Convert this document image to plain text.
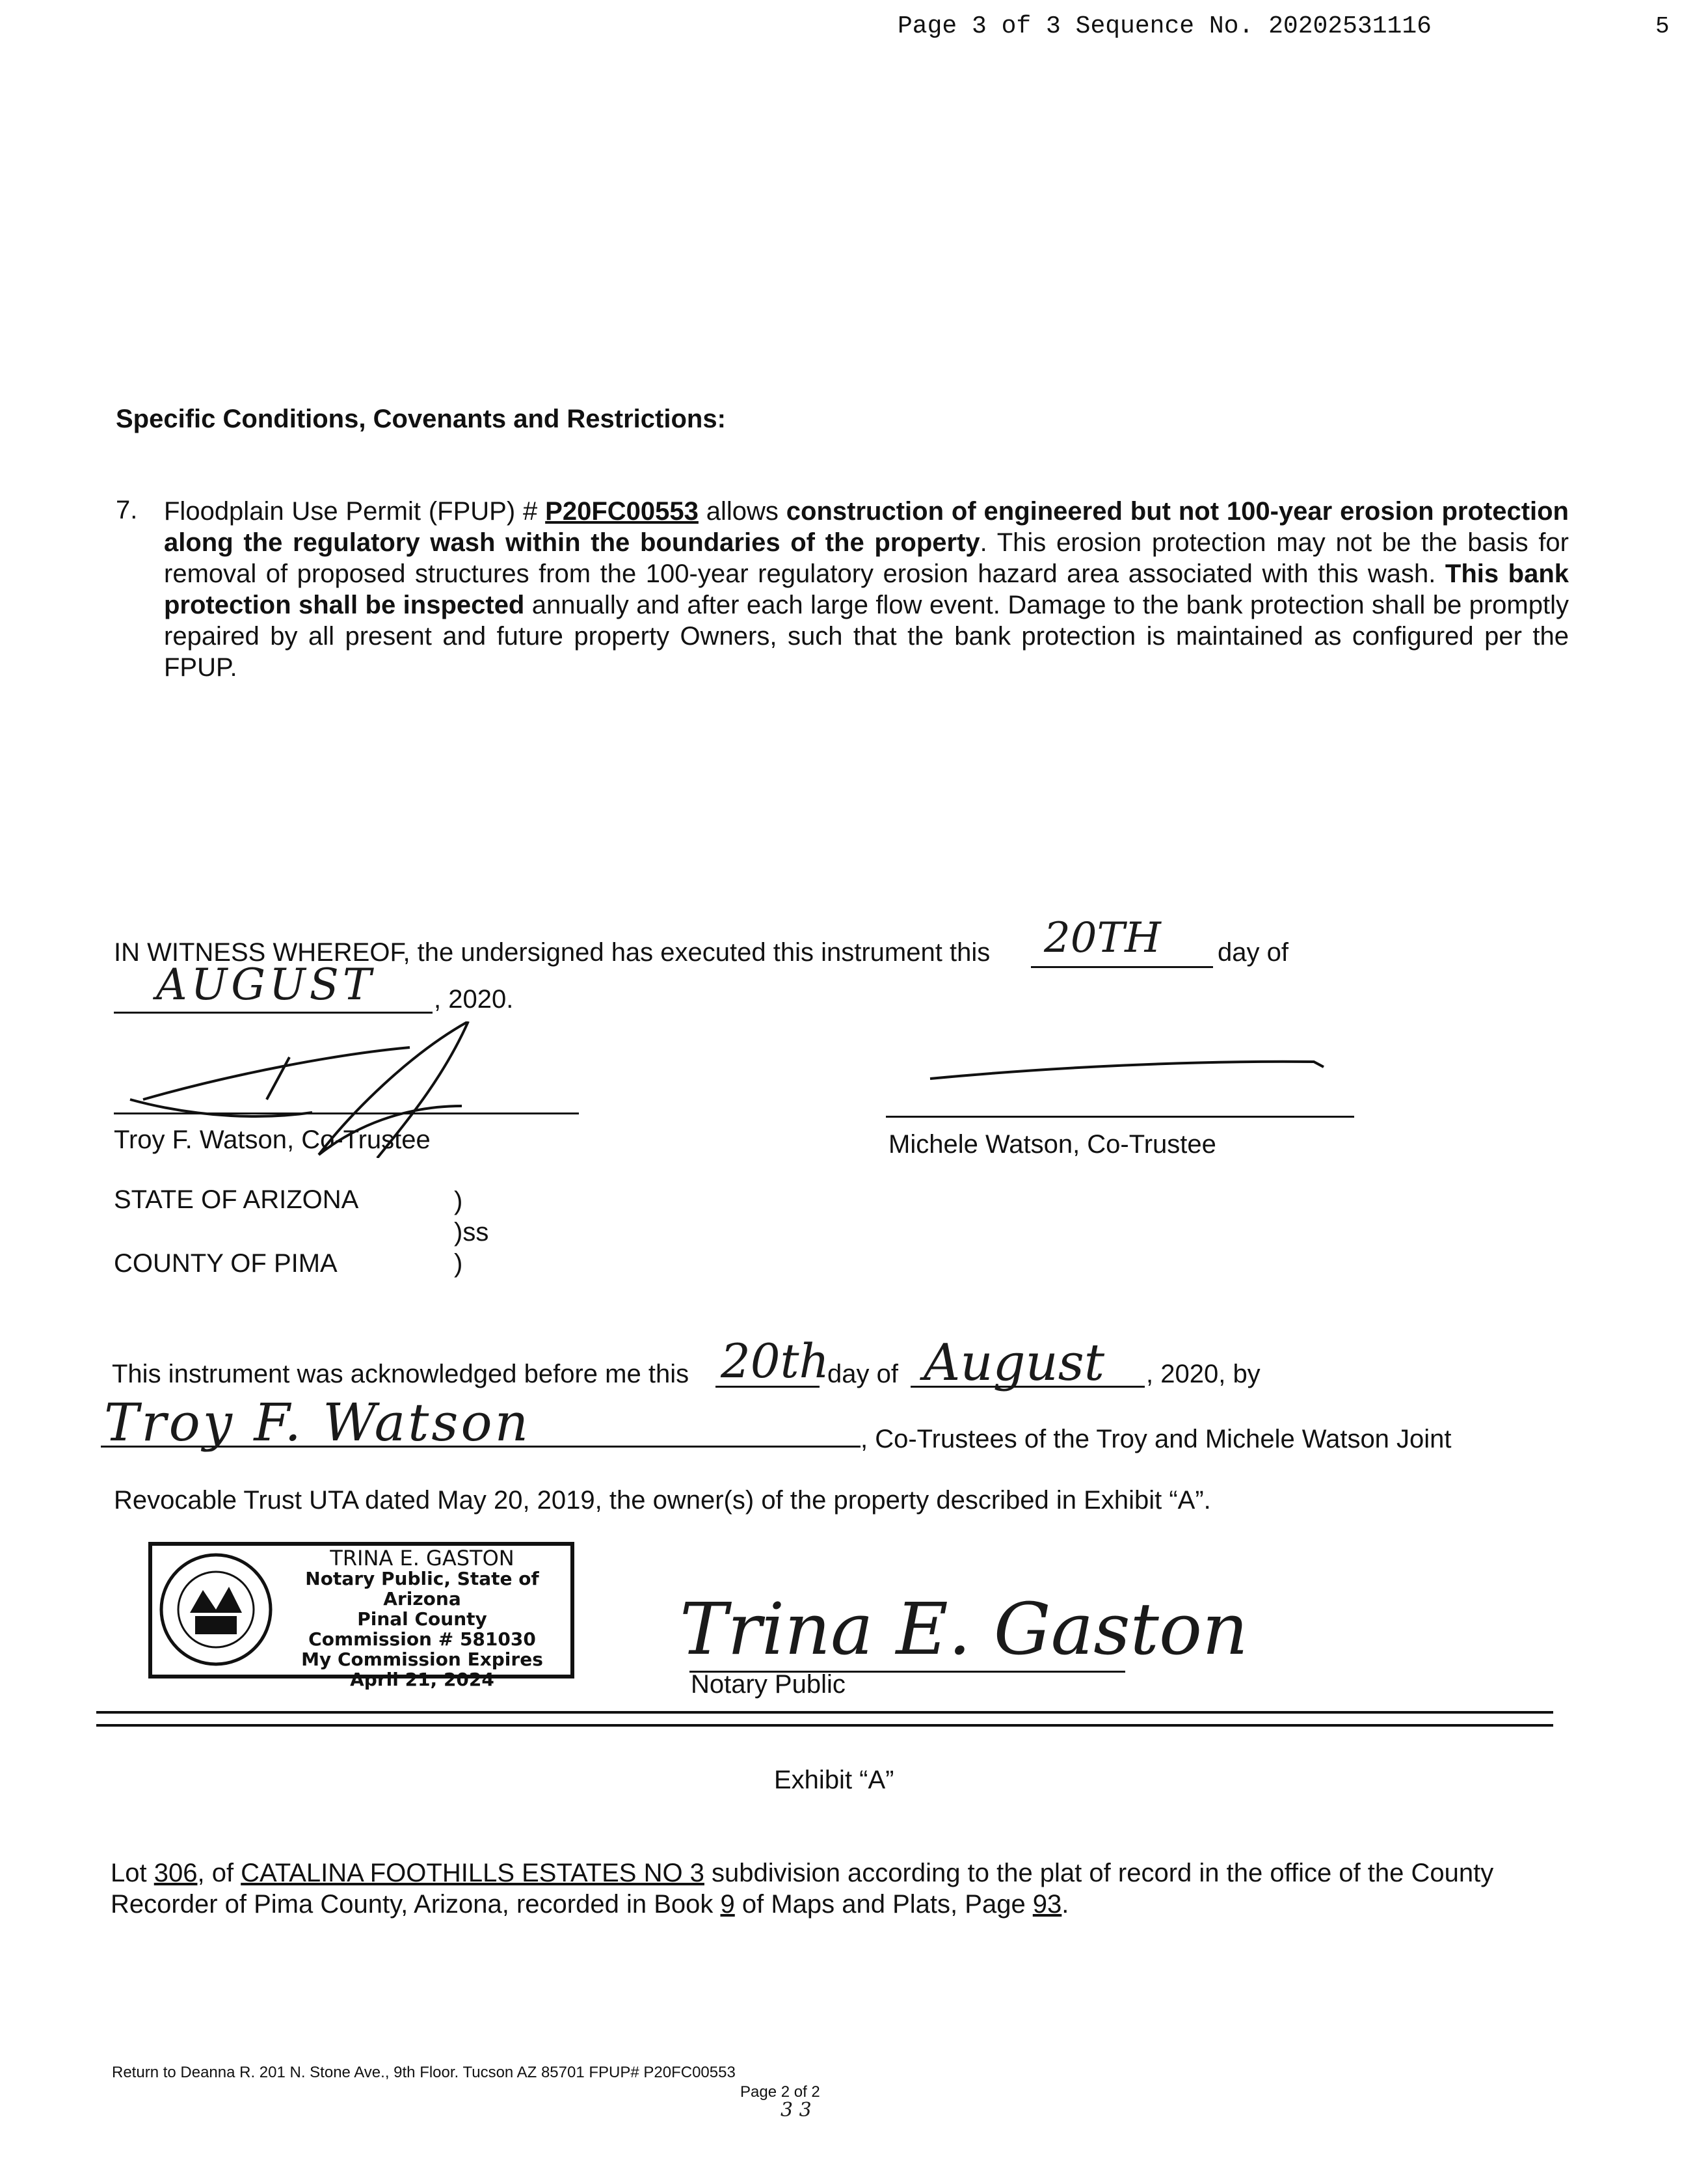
Page 3 of 3 Sequence No. 20202531116	5
Specific Conditions, Covenants and Restrictions:
7. Floodplain Use Permit (FPUP) # P20FC00553 allows construction of engineered but not 100-year erosion protection along the regulatory wash within the boundaries of the property. This erosion protection may not be the basis for removal of proposed structures from the 100-year regulatory erosion hazard area associated with this wash. This bank protection shall be inspected annually and after each large flow event. Damage to the bank protection shall be promptly repaired by all present and future property Owners, such that the bank protection is maintained as configured per the FPUP.
IN WITNESS WHEREOF, the undersigned has executed this instrument this 20TH day of
AUGUST , 2020.
Troy F. Watson, Co-Trustee	Michele Watson, Co-Trustee
STATE OF ARIZONA	)
)ss
COUNTY OF PIMA	)
This instrument was acknowledged before me this 20th
day of August , 2020, by
Troy F. Watson	, Co-Trustees of the Troy and Michele Watson Joint
Revocable Trust UTA dated May 20, 2019, the owner(s) of the property described in Exhibit “A”.
TRINA E. GASTON
Notary Public, State of Arizona
Pinal County
Commission # 581030
My Commission Expires
April 21, 2024
Trina E. Gaston
Notary Public
Exhibit “A”
Lot 306, of CATALINA FOOTHILLS ESTATES NO 3 subdivision according to the plat of record in the office of the County Recorder of Pima County, Arizona, recorded in Book 9 of Maps and Plats, Page 93.
Return to Deanna R. 201 N. Stone Ave., 9th Floor. Tucson AZ 85701 FPUP# P20FC00553
Page 2 of 2
3 3
